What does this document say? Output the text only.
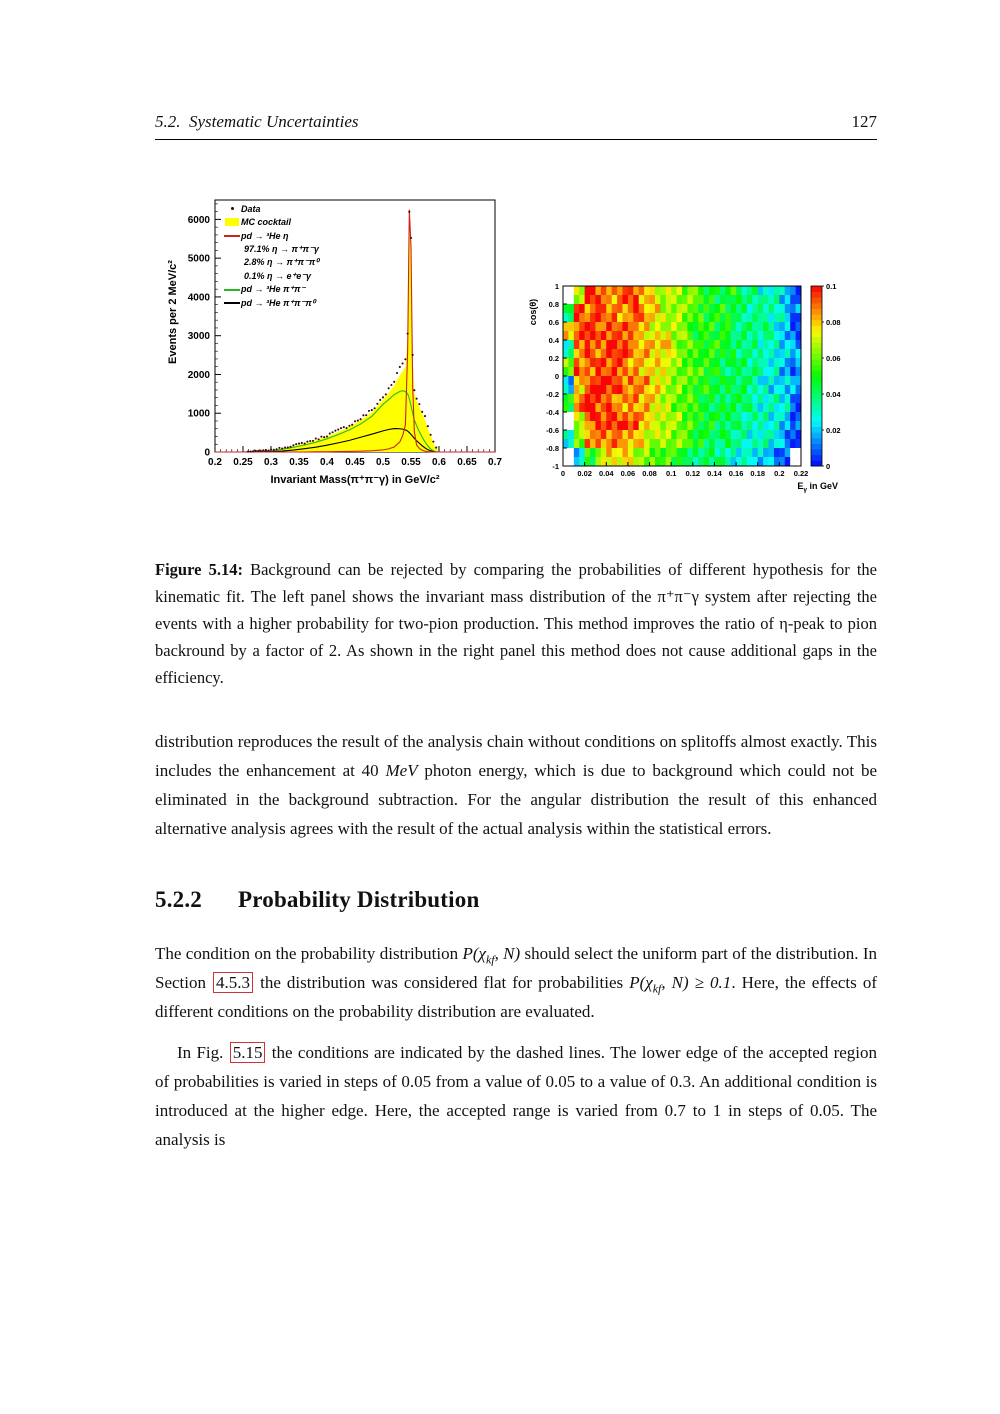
5.2.  Systematic Uncertainties	127
0.2 0.25 0.3 0.35 0.4 0.45 0.5 0.55 0.6 0.65 0.7
0
1000
2000
3000
4000
5000
6000
Invariant Mass(π⁺π⁻γ) in GeV/c²
Events per 2 MeV/c²
Data
MC cocktail
pd → ³He η
97.1% η → π⁺π⁻γ
2.8% η → π⁺π⁻π⁰
0.1% η → e⁺e⁻γ
pd → ³He π⁺π⁻
pd → ³He π⁺π⁻π⁰
0 0.02 0.04 0.06 0.08 0.1 0.12 0.14 0.16 0.18 0.2 0.22
1
0.8
0.6
0.4
0.2
0
-0.2
-0.4
-0.6
-0.8
-1	0
0.02
0.04
0.06
0.08
0.1
cos(θ)
$E_\gamma$ in GeV

Figure 5.14: Background can be rejected by comparing the probabilities of different hypothesis for the kinematic fit. The left panel shows the invariant mass distribution of the π⁺π⁻γ system after rejecting the events with a higher probability for two-pion production. This method improves the ratio of η-peak to pion backround by a factor of 2. As shown in the right panel this method does not cause additional gaps in the efficiency.

distribution reproduces the result of the analysis chain without conditions on splitoffs almost exactly. This includes the enhancement at 40 MeV photon energy, which is due to background which could not be eliminated in the background subtraction. For the angular distribution the result of this enhanced alternative analysis agrees with the result of the actual analysis within the statistical errors.

5.2.2 Probability Distribution

The condition on the probability distribution $P(\chi_{kf}$, N) should select the uniform part of the distribution. In Section 4.5.3 the distribution was considered flat for probabilities $P(\chi_{kf}$, N) ≥ 0.1. Here, the effects of different conditions on the probability distribution are evaluated.

In Fig. 5.15 the conditions are indicated by the dashed lines. The lower edge of the accepted region of probabilities is varied in steps of 0.05 from a value of 0.05 to a value of 0.3. An additional condition is introduced at the higher edge. Here, the accepted range is varied from 0.7 to 1 in steps of 0.05. The analysis is
